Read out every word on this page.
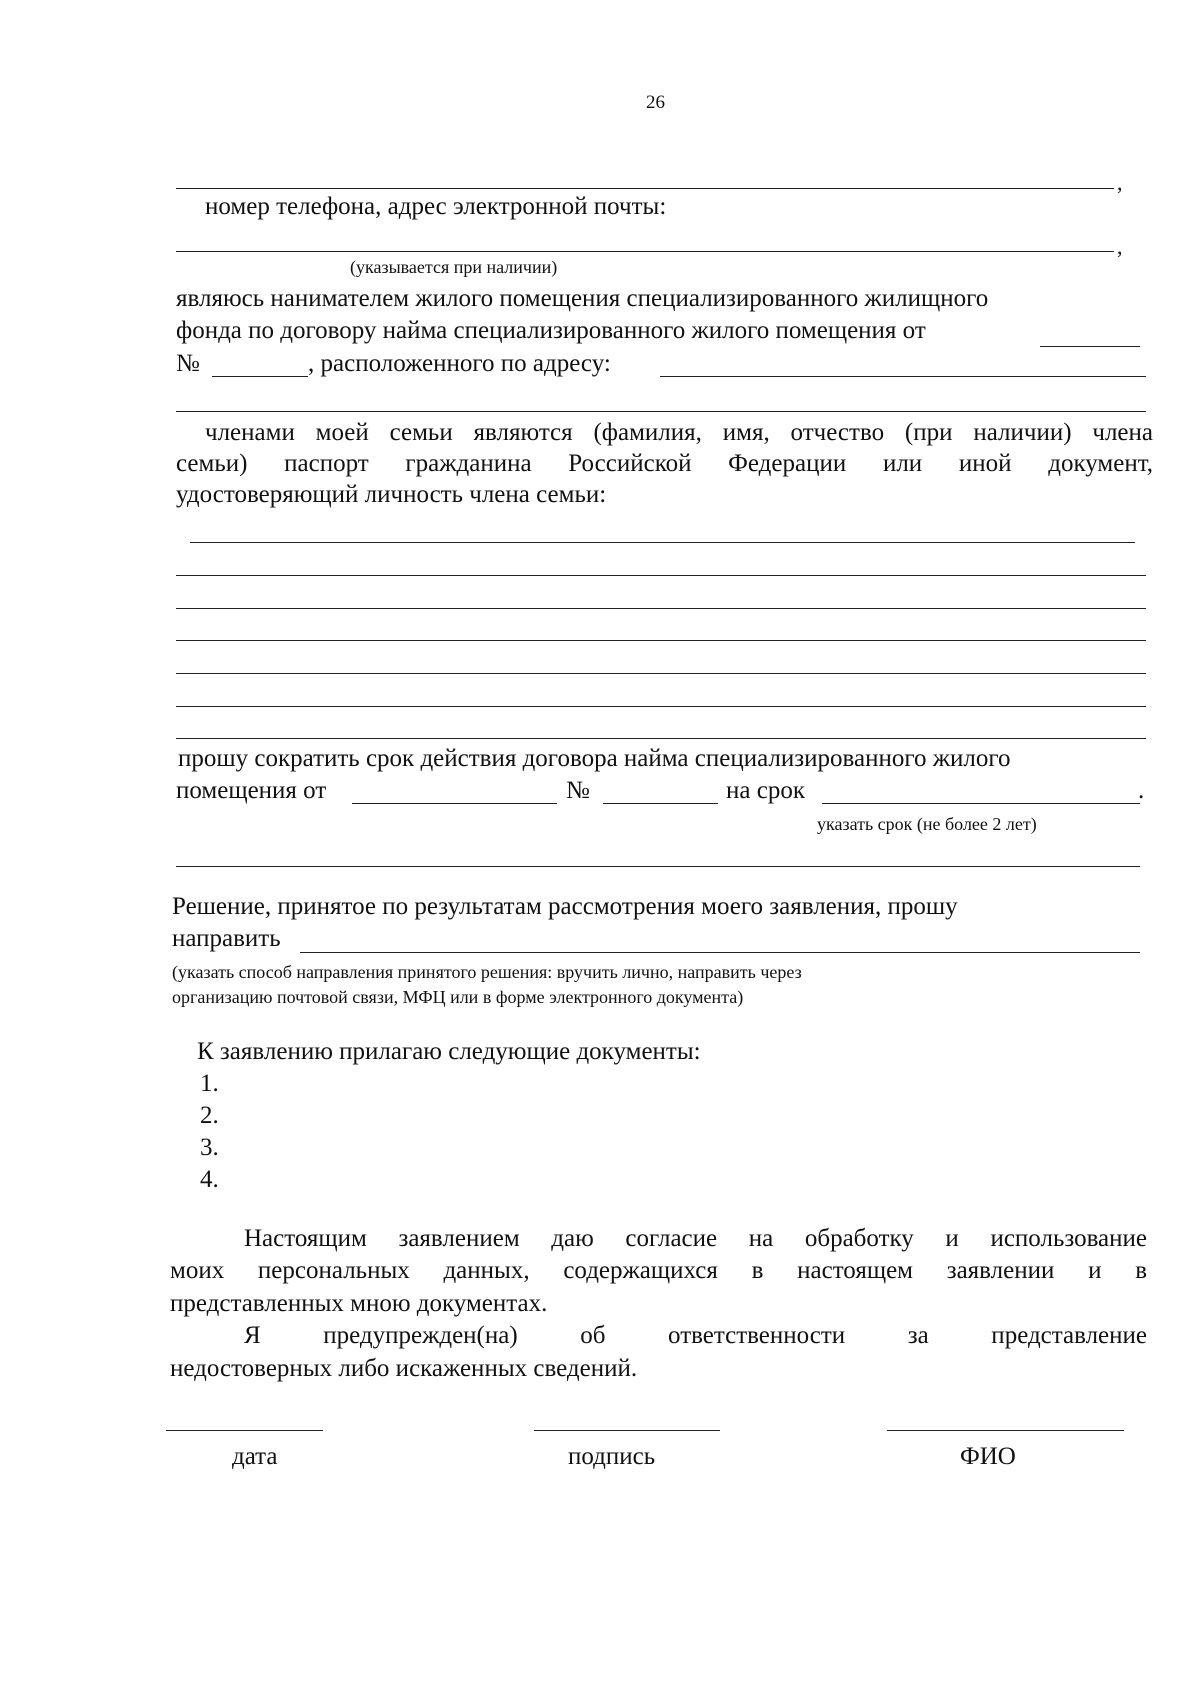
26
,
номер телефона, адрес электронной почты:
,
(указывается при наличии)
являюсь нанимателем жилого помещения специализированного жилищного
фонда по договору найма специализированного жилого помещения от
№	, расположенного по адресу:
членами моей семьи являются (фамилия, имя, отчество (при наличии) члена
семьи) паспорт гражданина Российской Федерации или иной документ,
удостоверяющий личность члена семьи:
прошу сократить срок действия договора найма специализированного жилого
помещения от	№	на срок	.
указать срок (не более 2 лет)
Решение, принятое по результатам рассмотрения моего заявления, прошу
направить
(указать способ направления принятого решения: вручить лично, направить через
организацию почтовой связи, МФЦ или в форме электронного документа)
К заявлению прилагаю следующие документы:
1.
2.
3.
4.
Настоящим заявлением даю согласие на обработку и использование
моих персональных данных, содержащихся в настоящем заявлении и в
представленных мною документах.
Я предупрежден(на) об ответственности за представление
недостоверных либо искаженных сведений.
дата	подпись	ФИО
